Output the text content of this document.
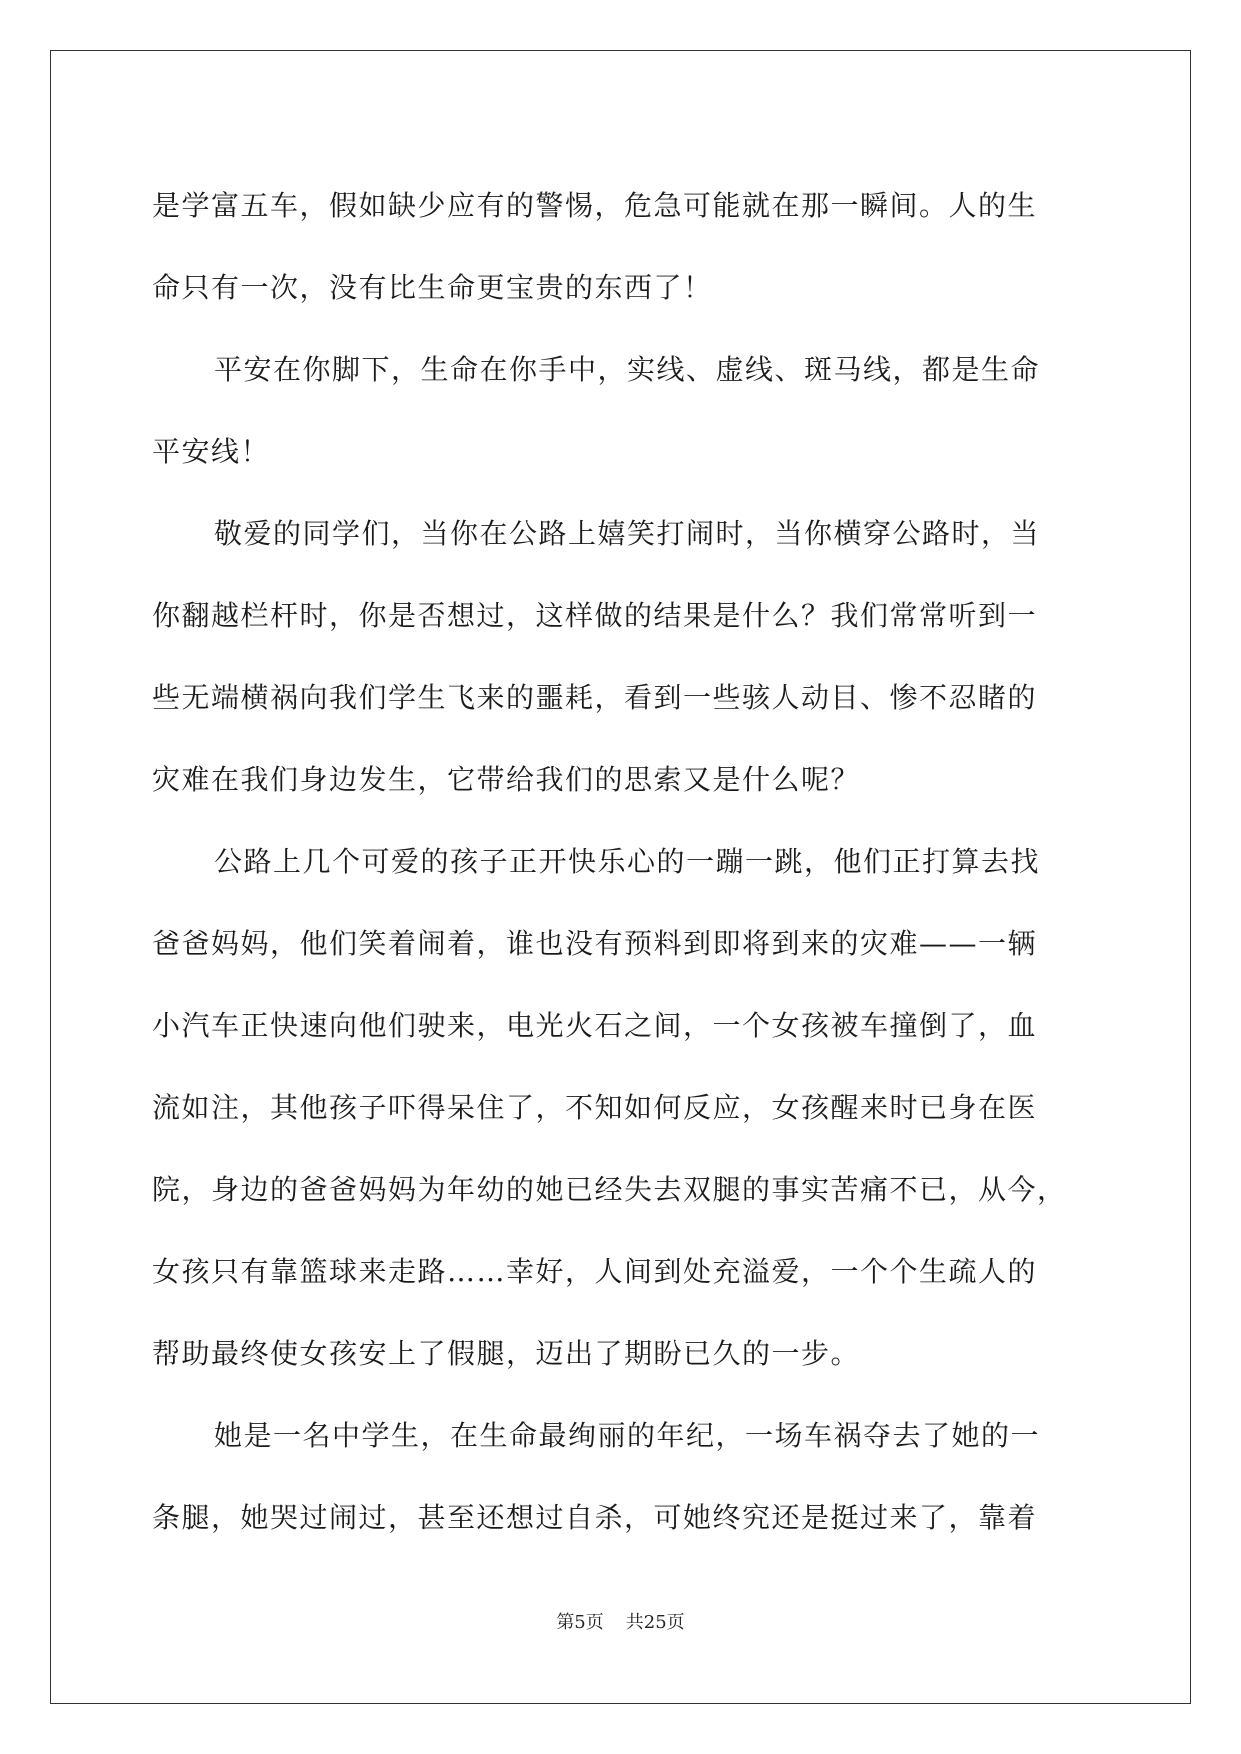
是学富五车，假如缺少应有的警惕，危急可能就在那一瞬间。人的生
命只有一次，没有比生命更宝贵的东西了！
平安在你脚下，生命在你手中，实线、虚线、斑马线，都是生命
平安线！
敬爱的同学们，当你在公路上嬉笑打闹时，当你横穿公路时，当
你翻越栏杆时，你是否想过，这样做的结果是什么？我们常常听到一
些无端横祸向我们学生飞来的噩耗，看到一些骇人动目、惨不忍睹的
灾难在我们身边发生，它带给我们的思索又是什么呢？
公路上几个可爱的孩子正开快乐心的一蹦一跳，他们正打算去找
爸爸妈妈，他们笑着闹着，谁也没有预料到即将到来的灾难——一辆
小汽车正快速向他们驶来，电光火石之间，一个女孩被车撞倒了，血
流如注，其他孩子吓得呆住了，不知如何反应，女孩醒来时已身在医
院，身边的爸爸妈妈为年幼的她已经失去双腿的事实苦痛不已，从今，
女孩只有靠篮球来走路……幸好，人间到处充溢爱，一个个生疏人的
帮助最终使女孩安上了假腿，迈出了期盼已久的一步。
她是一名中学生，在生命最绚丽的年纪，一场车祸夺去了她的一
条腿，她哭过闹过，甚至还想过自杀，可她终究还是挺过来了，靠着
第5页 共25页
